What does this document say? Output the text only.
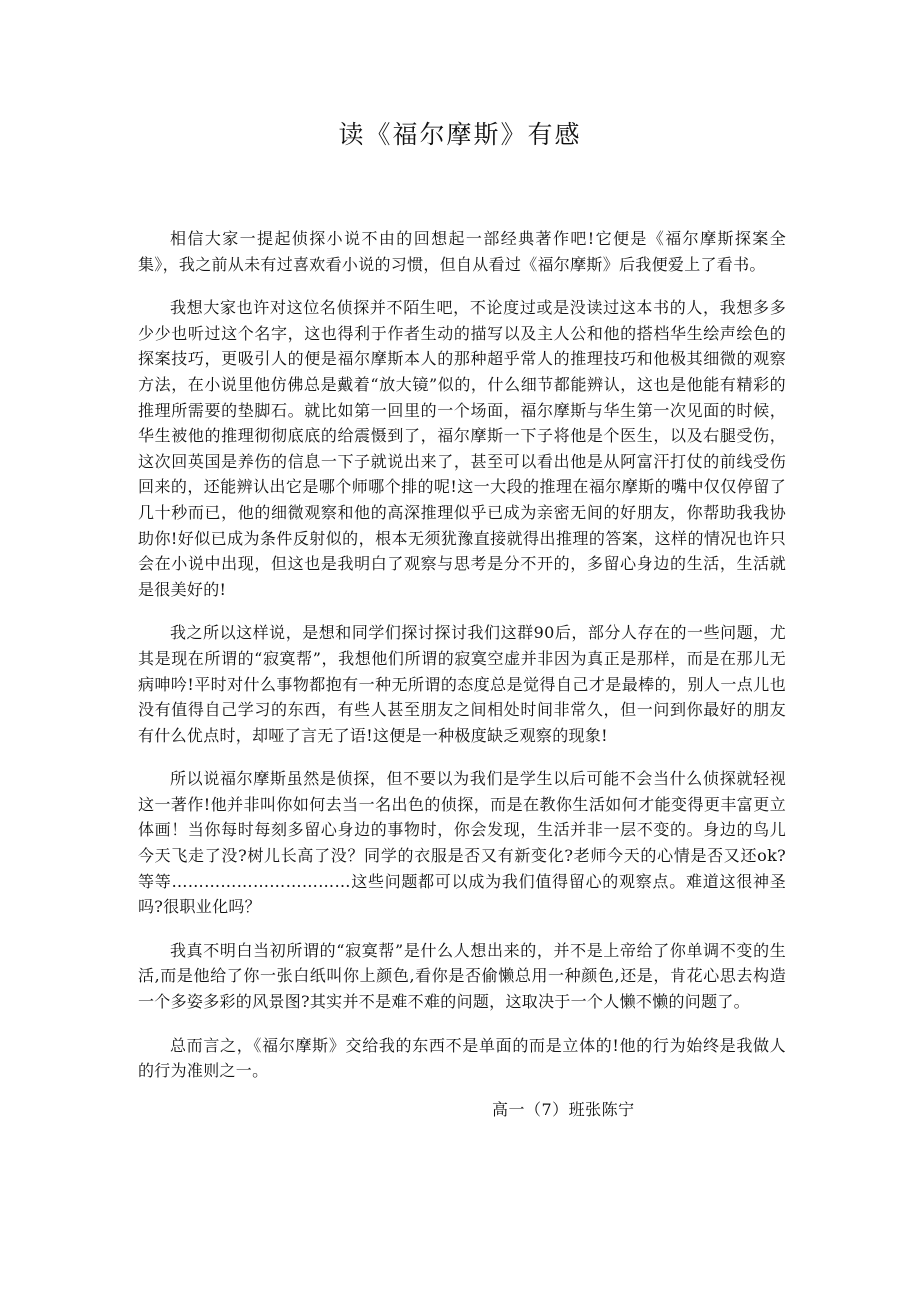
读《福尔摩斯》有感

相信大家一提起侦探小说不由的回想起一部经典著作吧!它便是《福尔摩斯探案全集》，我之前从未有过喜欢看小说的习惯，但自从看过《福尔摩斯》后我便爱上了看书。

我想大家也许对这位名侦探并不陌生吧，不论度过或是没读过这本书的人，我想多多少少也听过这个名字，这也得利于作者生动的描写以及主人公和他的搭档华生绘声绘色的探案技巧，更吸引人的便是福尔摩斯本人的那种超乎常人的推理技巧和他极其细微的观察方法，在小说里他仿佛总是戴着“放大镜”似的，什么细节都能辨认，这也是他能有精彩的推理所需要的垫脚石。就比如第一回里的一个场面，福尔摩斯与华生第一次见面的时候，华生被他的推理彻彻底底的给震慑到了，福尔摩斯一下子将他是个医生，以及右腿受伤，这次回英国是养伤的信息一下子就说出来了，甚至可以看出他是从阿富汗打仗的前线受伤回来的，还能辨认出它是哪个师哪个排的呢!这一大段的推理在福尔摩斯的嘴中仅仅停留了几十秒而已，他的细微观察和他的高深推理似乎已成为亲密无间的好朋友，你帮助我我协助你!好似已成为条件反射似的，根本无须犹豫直接就得出推理的答案，这样的情况也许只会在小说中出现，但这也是我明白了观察与思考是分不开的，多留心身边的生活，生活就是很美好的!

我之所以这样说，是想和同学们探讨探讨我们这群90后，部分人存在的一些问题，尤其是现在所谓的“寂寞帮”，我想他们所谓的寂寞空虚并非因为真正是那样，而是在那儿无病呻吟!平时对什么事物都抱有一种无所谓的态度总是觉得自己才是最棒的，别人一点儿也没有值得自己学习的东西，有些人甚至朋友之间相处时间非常久，但一问到你最好的朋友有什么优点时，却哑了言无了语!这便是一种极度缺乏观察的现象!

所以说福尔摩斯虽然是侦探，但不要以为我们是学生以后可能不会当什么侦探就轻视这一著作!他并非叫你如何去当一名出色的侦探，而是在教你生活如何才能变得更丰富更立体画！当你每时每刻多留心身边的事物时，你会发现，生活并非一层不变的。身边的鸟儿今天飞走了没?树儿长高了没？同学的衣服是否又有新变化?老师今天的心情是否又还ok?等等……………………………这些问题都可以成为我们值得留心的观察点。难道这很神圣吗?很职业化吗？

我真不明白当初所谓的“寂寞帮”是什么人想出来的，并不是上帝给了你单调不变的生活,而是他给了你一张白纸叫你上颜色,看你是否偷懒总用一种颜色,还是，肯花心思去构造一个多姿多彩的风景图?其实并不是难不难的问题，这取决于一个人懒不懒的问题了。

总而言之，《福尔摩斯》交给我的东西不是单面的而是立体的!他的行为始终是我做人的行为准则之一。

高一（7）班张陈宁
